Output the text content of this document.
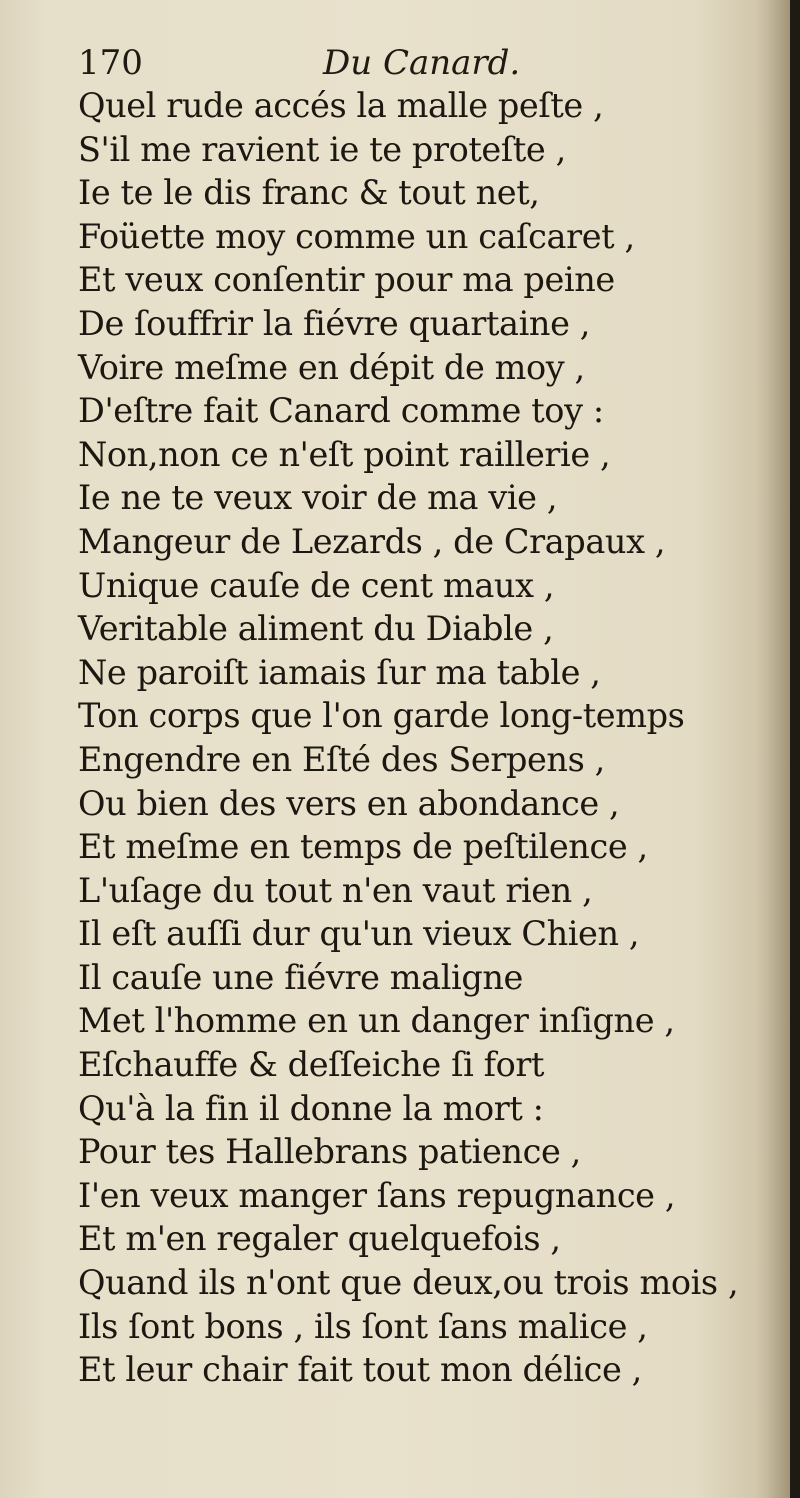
170	Du Canard.
Quel rude accés la malle peſte ,
S'il me ravient ie te proteſte ,
Ie te le dis franc & tout net,
Foüette moy comme un caſcaret ,
Et veux conſentir pour ma peine
De ſouffrir la fiévre quartaine ,
Voire meſme en dépit de moy ,
D'eſtre fait Canard comme toy :
Non,non ce n'eſt point raillerie ,
Ie ne te veux voir de ma vie ,
Mangeur de Lezards , de Crapaux ,
Unique cauſe de cent maux ,
Veritable aliment du Diable ,
Ne paroiſt iamais ſur ma table ,
Ton corps que l'on garde long-temps
Engendre en Eſté des Serpens ,
Ou bien des vers en abondance ,
Et meſme en temps de peſtilence ,
L'uſage du tout n'en vaut rien ,
Il eſt auſſi dur qu'un vieux Chien ,
Il cauſe une fiévre maligne
Met l'homme en un danger inſigne ,
Eſchauffe & deſſeiche ſi fort
Qu'à la fin il donne la mort :
Pour tes Hallebrans patience ,
I'en veux manger ſans repugnance ,
Et m'en regaler quelquefois ,
Quand ils n'ont que deux,ou trois mois ,
Ils ſont bons , ils ſont ſans malice ,
Et leur chair fait tout mon délice ,
